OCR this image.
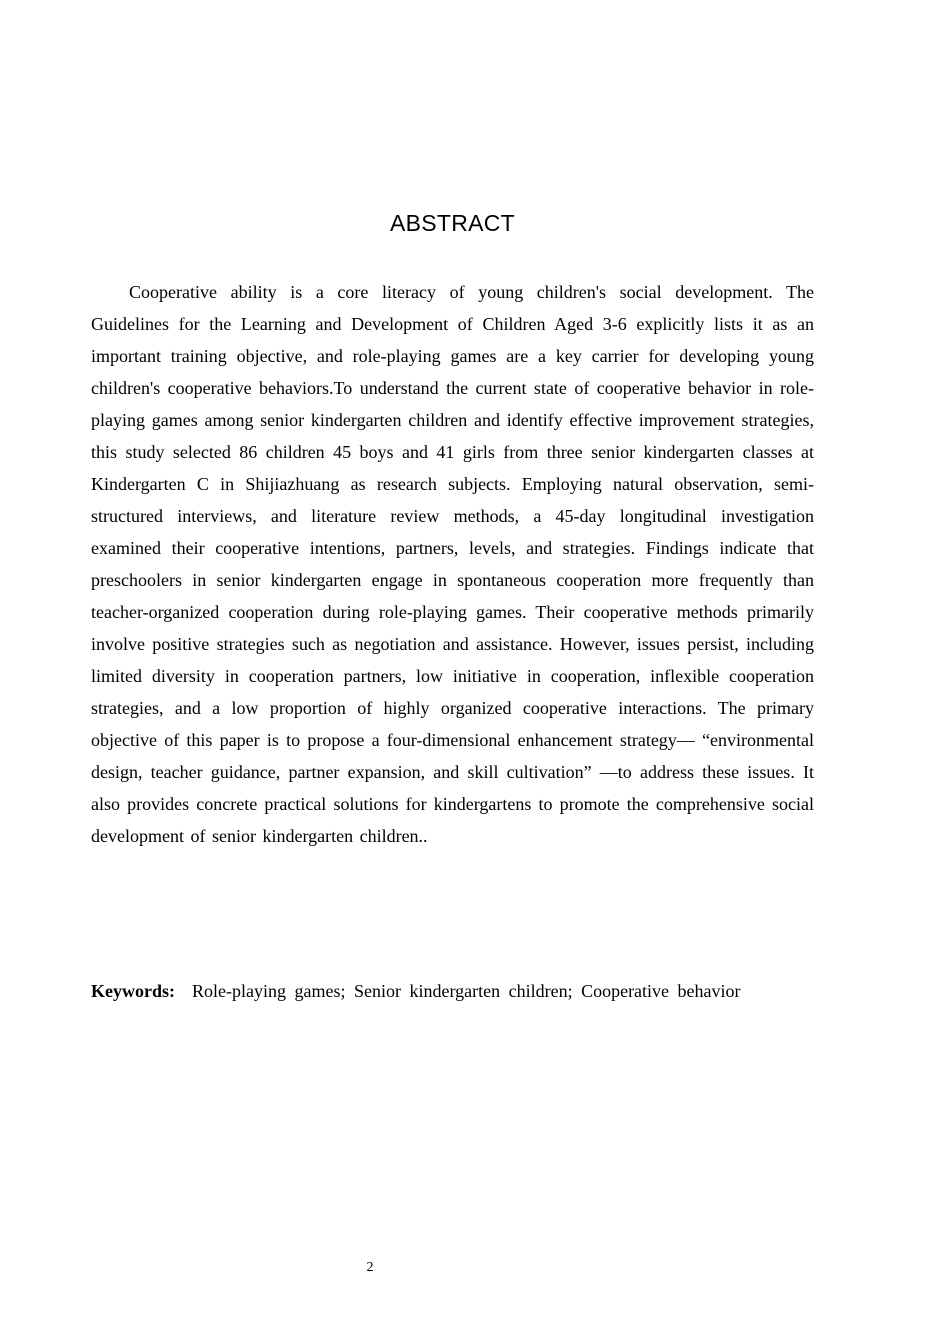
ABSTRACT

Cooperative ability is a core literacy of young children's social development. The Guidelines for the Learning and Development of Children Aged 3-6 explicitly lists it as an important training objective, and role-playing games are a key carrier for developing young children's cooperative behaviors.To understand the current state of cooperative behavior in role-playing games among senior kindergarten children and identify effective improvement strategies, this study selected 86 children 45 boys and 41 girls from three senior kindergarten classes at Kindergarten C in Shijiazhuang as research subjects. Employing natural observation, semi-structured interviews, and literature review methods, a 45-day longitudinal investigation examined their cooperative intentions, partners, levels, and strategies. Findings indicate that preschoolers in senior kindergarten engage in spontaneous cooperation more frequently than teacher-organized cooperation during role-playing games. Their cooperative methods primarily involve positive strategies such as negotiation and assistance. However, issues persist, including limited diversity in cooperation partners, low initiative in cooperation, inflexible cooperation strategies, and a low proportion of highly organized cooperative interactions. The primary objective of this paper is to propose a four-dimensional enhancement strategy— “environmental design, teacher guidance, partner expansion, and skill cultivation” —to address these issues. It also provides concrete practical solutions for kindergartens to promote the comprehensive social development of senior kindergarten children..

Keywords: Role-playing games; Senior kindergarten children; Cooperative behavior

2
